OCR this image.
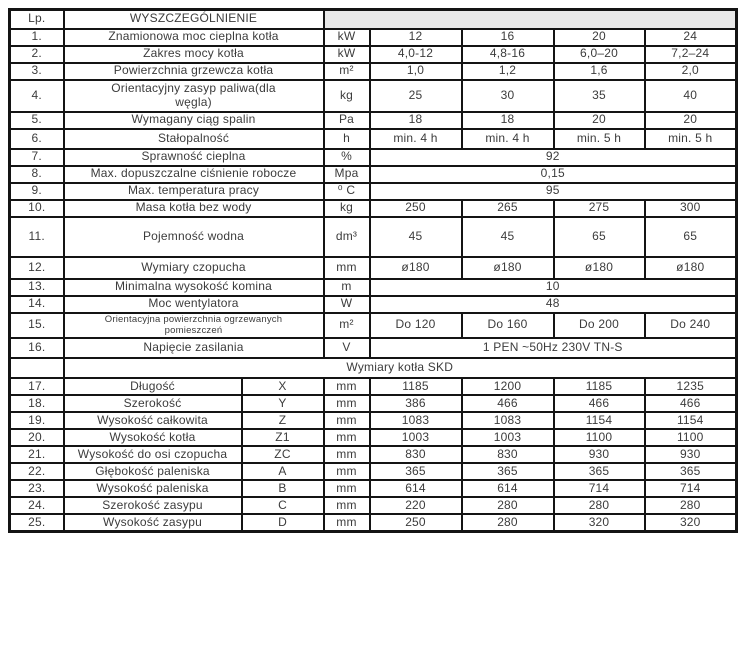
Lp.	WYSZCZEGÓLNIENIE						
1.	Znamionowa moc cieplna kotła		kW	12	16	20	24
2.	Zakres mocy kotła		kW	4,0-12	4,8-16	6,0–20	7,2–24
3.	Powierzchnia grzewcza kotła		m²	1,0	1,2	1,6	2,0
4.	Orientacyjny zasyp paliwa(dla węgla)		kg	25	30	35	40
5.	Wymagany ciąg spalin		Pa	18	18	20	20
6.	Stałopalność		h	min. 4 h	min. 4 h	min. 5 h	min. 5 h
7.	Sprawność cieplna		%	92			
8.	Max. dopuszczalne ciśnienie robocze		Mpa	0,15			
9.	Max. temperatura pracy		⁰ C	95			
10.	Masa kotła bez wody		kg	250	265	275	300
11.	Pojemność wodna		dm³	45	45	65	65
12.	Wymiary czopucha		mm	ø180	ø180	ø180	ø180
13.	Minimalna wysokość komina		m	10			
14.	Moc wentylatora		W	48			
15.	Orientacyjna powierzchnia ogrzewanych pomieszczeń		m²	Do 120	Do 160	Do 200	Do 240
16.	Napięcie zasilania		V	1 PEN ~50Hz 230V TN-S			
	Wymiary kotła SKD						
17.	Długość	X	mm	1185	1200	1185	1235
18.	Szerokość	Y	mm	386	466	466	466
19.	Wysokość całkowita	Z	mm	1083	1083	1154	1154
20.	Wysokość kotła	Z1	mm	1003	1003	1100	1100
21.	Wysokość do osi czopucha	ZC	mm	830	830	930	930
22.	Głębokość paleniska	A	mm	365	365	365	365
23.	Wysokość paleniska	B	mm	614	614	714	714
24.	Szerokość zasypu	C	mm	220	280	280	280
25.	Wysokość zasypu	D	mm	250	280	320	320
